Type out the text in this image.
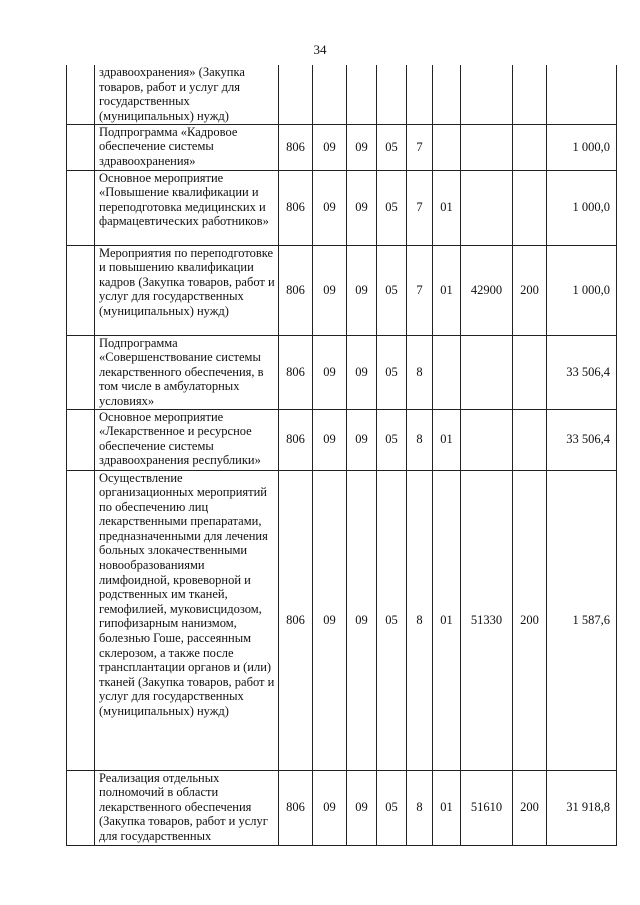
34
	здравоохранения» (Закупка товаров, работ и услуг для государственных (муниципальных) нужд)									
	Подпрограмма «Кадровое обеспечение системы здравоохранения»	806	09	09	05	7				1 000,0
	Основное мероприятие «Повышение квалификации и переподготовка медицинских и фармацевтических работников»	806	09	09	05	7	01			1 000,0
	Мероприятия по переподготовке и повышению квалификации кадров (Закупка товаров, работ и услуг для государственных (муниципальных) нужд)	806	09	09	05	7	01	42900	200	1 000,0
	Подпрограмма «Совершенствование системы лекарственного обеспечения, в том числе в амбулаторных условиях»	806	09	09	05	8				33 506,4
	Основное мероприятие «Лекарственное и ресурсное обеспечение системы здравоохранения республики»	806	09	09	05	8	01			33 506,4
	Осуществление организационных мероприятий по обеспечению лиц лекарственными препаратами, предназначенными для лечения больных злокачественными новообразованиями лимфоидной, кровеворной и родственных им тканей, гемофилией, муковисцидозом, гипофизарным нанизмом, болезнью Гоше, рассеянным склерозом, а также после трансплантации органов и (или) тканей (Закупка товаров, работ и услуг для государственных (муниципальных) нужд)	806	09	09	05	8	01	51330	200	1 587,6
	Реализация отдельных полномочий в области лекарственного обеспечения (Закупка товаров, работ и услуг для государственных	806	09	09	05	8	01	51610	200	31 918,8
